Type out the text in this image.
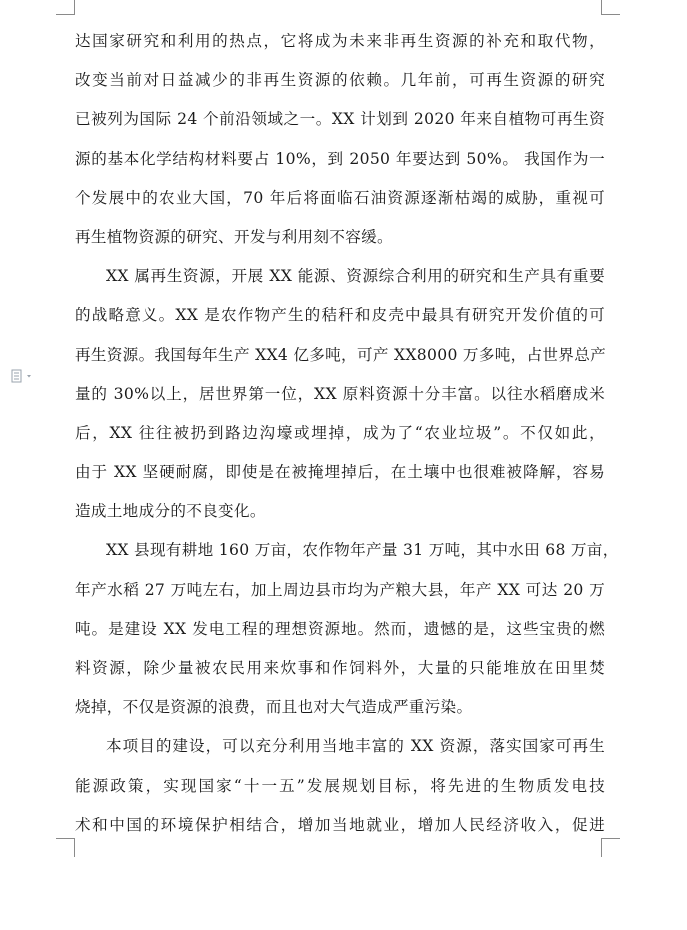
达国家研究和利用的热点，它将成为未来非再生资源的补充和取代物，
改变当前对日益减少的非再生资源的依赖。几年前，可再生资源的研究
已被列为国际 24 个前沿领域之一。XX 计划到 2020 年来自植物可再生资
源的基本化学结构材料要占 10%，到 2050 年要达到 50%。 我国作为一
个发展中的农业大国，70 年后将面临石油资源逐渐枯竭的威胁，重视可
再生植物资源的研究、开发与利用刻不容缓。
XX 属再生资源，开展 XX 能源、资源综合利用的研究和生产具有重要
的战略意义。XX 是农作物产生的秸秆和皮壳中最具有研究开发价值的可
再生资源。我国每年生产 XX4 亿多吨，可产 XX8000 万多吨，占世界总产
量的 30%以上，居世界第一位，XX 原料资源十分丰富。以往水稻磨成米
后，XX 往往被扔到路边沟壕或埋掉，成为了“农业垃圾”。不仅如此，
由于 XX 坚硬耐腐，即使是在被掩埋掉后，在土壤中也很难被降解，容易
造成土地成分的不良变化。
XX 县现有耕地 160 万亩，农作物年产量 31 万吨，其中水田 68 万亩，
年产水稻 27 万吨左右，加上周边县市均为产粮大县，年产 XX 可达 20 万
吨。是建设 XX 发电工程的理想资源地。然而，遗憾的是，这些宝贵的燃
料资源，除少量被农民用来炊事和作饲料外，大量的只能堆放在田里焚
烧掉，不仅是资源的浪费，而且也对大气造成严重污染。
本项目的建设，可以充分利用当地丰富的 XX 资源，落实国家可再生
能源政策，实现国家“十一五”发展规划目标，将先进的生物质发电技
术和中国的环境保护相结合，增加当地就业，增加人民经济收入，促进
